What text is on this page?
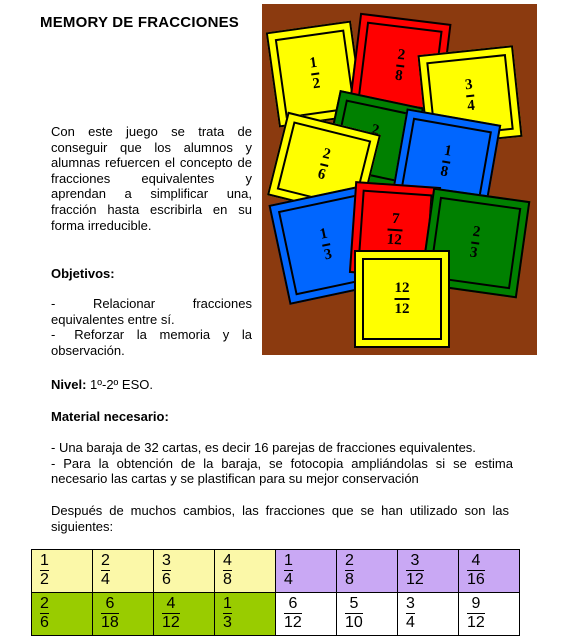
MEMORY DE FRACCIONES
Con este juego se trata de conseguir que los alumnos y alumnas refuercen el concepto de fracciones equivalentes y aprendan a simplificar una, fracción hasta escribirla en su forma irreducible.
Objetivos:
-        Relacionar        fracciones equivalentes entre sí.
-   Reforzar  la  memoria  y  la observación.
Nivel: 1º-2º ESO.
Material necesario:
- Una baraja de 32 cartas, es decir 16 parejas de fracciones equivalentes.
- Para la obtención de la baraja, se fotocopia ampliándolas si se estima necesario las cartas y se plastifican para su mejor conservación
Después de muchos cambios, las fracciones que se han utilizado son las siguientes:
1
2
2
8
3
4
2
2
6
1
8
1
3
7
12	2
3
12
12
$\frac{1}{2}$	$\frac{2}{4}$	$\frac{3}{6}$	$\frac{4}{8}$	$\frac{1}{4}$	$\frac{2}{8}$	$\frac{3}{12}$	$\frac{4}{16}$

$\frac{2}{6}$	$\frac{6}{18}$	$\frac{4}{12}$	$\frac{1}{3}$	$\frac{6}{12}$	$\frac{5}{10}$	$\frac{3}{4}$	$\frac{9}{12}$
